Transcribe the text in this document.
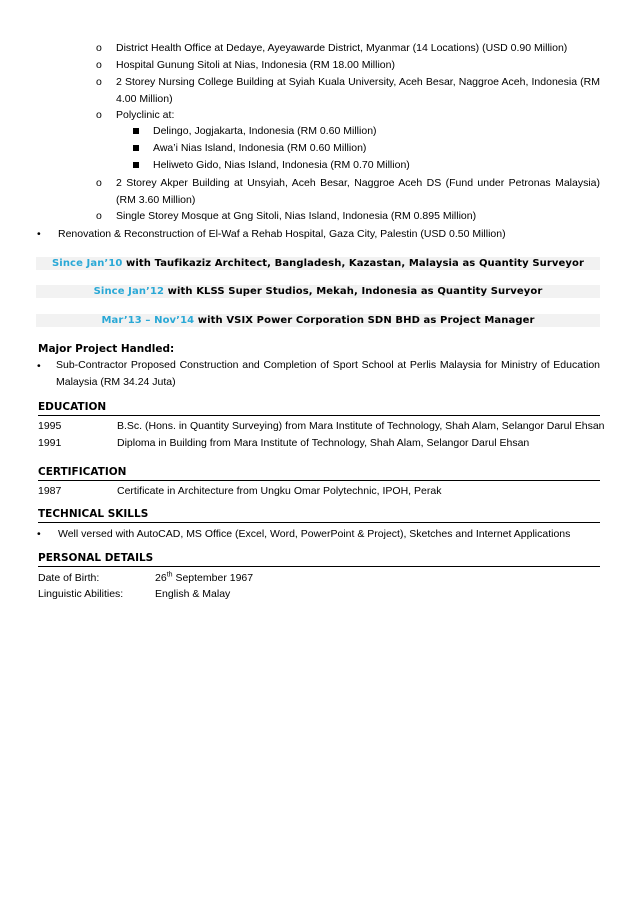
o	District Health Office at Dedaye, Ayeyawarde District, Myanmar (14 Locations) (USD 0.90 Million)
o	Hospital Gunung Sitoli at Nias, Indonesia (RM 18.00 Million)
o	2 Storey Nursing College Building at Syiah Kuala University, Aceh Besar, Naggroe Aceh, Indonesia (RM 4.00 Million)
o	Polyclinic at:
Delingo, Jogjakarta, Indonesia (RM 0.60 Million)
Awa’i Nias Island, Indonesia (RM 0.60 Million)
Heliweto Gido, Nias Island, Indonesia (RM 0.70 Million)
o	2 Storey Akper Building at Unsyiah, Aceh Besar, Naggroe Aceh DS (Fund under Petronas Malaysia) (RM 3.60 Million)
o	Single Storey Mosque at Gng Sitoli, Nias Island, Indonesia (RM 0.895 Million)
• Renovation & Reconstruction of El-Waf a Rehab Hospital, Gaza City, Palestin (USD 0.50 Million)
Since Jan’10 with Taufikaziz Architect, Bangladesh, Kazastan, Malaysia as Quantity Surveyor
Since Jan’12 with KLSS Super Studios, Mekah, Indonesia as Quantity Surveyor
Mar’13 – Nov’14 with VSIX Power Corporation SDN BHD as Project Manager
Major Project Handled:
• Sub-Contractor Proposed Construction and Completion of Sport School at Perlis Malaysia for Ministry of Education Malaysia (RM 34.24 Juta)
EDUCATION
1995	B.Sc. (Hons. in Quantity Surveying) from Mara Institute of Technology, Shah Alam, Selangor Darul Ehsan
1991	Diploma in Building from Mara Institute of Technology, Shah Alam, Selangor Darul Ehsan
CERTIFICATION
1987	Certificate in Architecture from Ungku Omar Polytechnic, IPOH, Perak
TECHNICAL SKILLS
• Well versed with AutoCAD, MS Office (Excel, Word, PowerPoint & Project), Sketches and Internet Applications
PERSONAL DETAILS
Date of Birth:	26th September 1967
Linguistic Abilities:	English & Malay
